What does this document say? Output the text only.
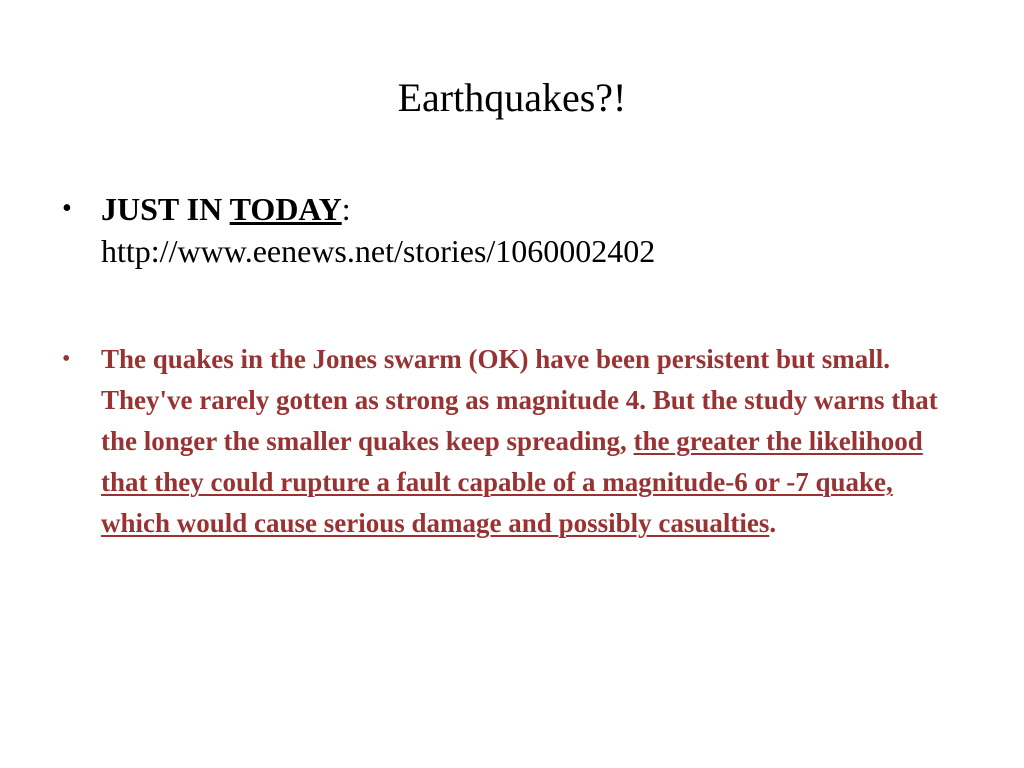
Earthquakes?!
• JUST IN TODAY:
http://www.eenews.net/stories/1060002402
•	The quakes in the Jones swarm (OK) have been persistent but small. They've rarely gotten as strong as magnitude 4. But the study warns that the longer the smaller quakes keep spreading, the greater the likelihood that they could rupture a fault capable of a magnitude-6 or -7 quake, which would cause serious damage and possibly casualties.
